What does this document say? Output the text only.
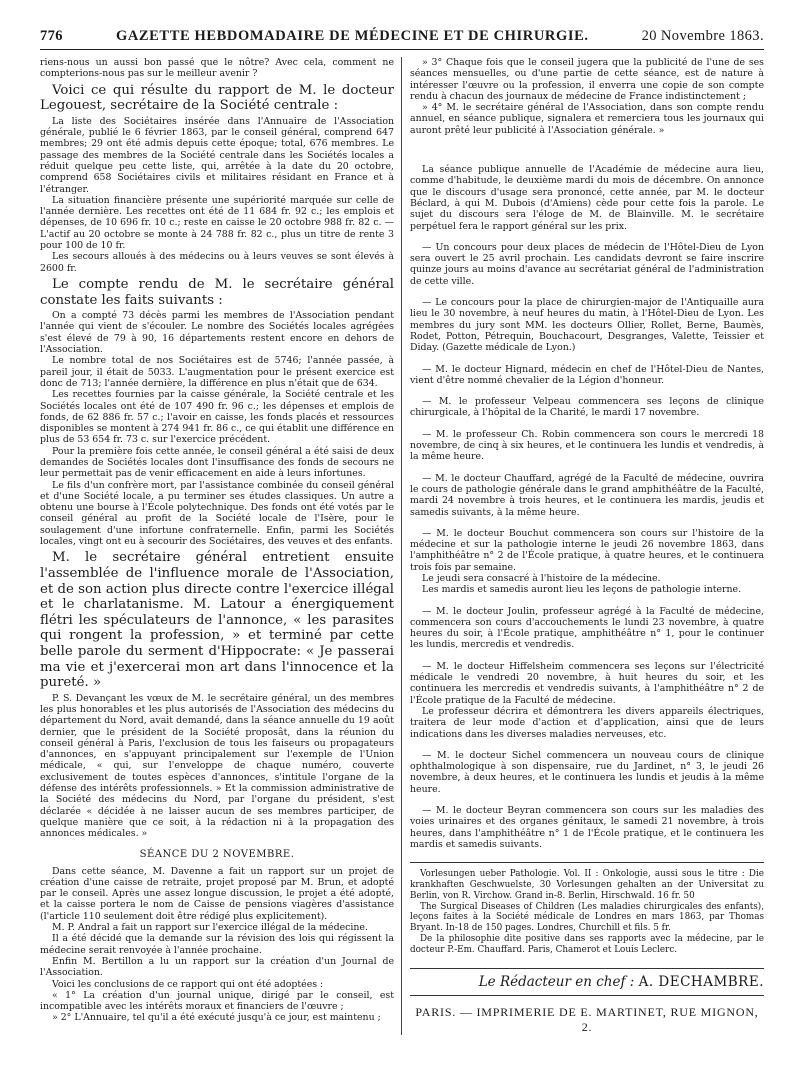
776	GAZETTE HEBDOMADAIRE DE MÉDECINE ET DE CHIRURGIE.	20 Novembre 1863.

riens-nous un aussi bon passé que le nôtre? Avec cela, comment ne compterions-nous pas sur le meilleur avenir ?

Voici ce qui résulte du rapport de M. le docteur Legouest, secrétaire de la Société centrale :

La liste des Sociétaires insérée dans l'Annuaire de l'Association générale, publié le 6 février 1863, par le conseil général, comprend 647 membres; 29 ont été admis depuis cette époque; total, 676 membres. Le passage des membres de la Société centrale dans les Sociétés locales a réduit quelque peu cette liste, qui, arrêtée à la date du 20 octobre, comprend 658 Sociétaires civils et militaires résidant en France et à l'étranger.

La situation financière présente une supériorité marquée sur celle de l'année dernière. Les recettes ont été de 11 684 fr. 92 c.; les emplois et dépenses, de 10 696 fr. 10 c.; reste en caisse le 20 octobre 988 fr. 82 c. — L'actif au 20 octobre se monte à 24 788 fr. 82 c., plus un titre de rente 3 pour 100 de 10 fr.

Les secours alloués à des médecins ou à leurs veuves se sont élevés à 2600 fr.

Le compte rendu de M. le secrétaire général constate les faits suivants :

On a compté 73 décès parmi les membres de l'Association pendant l'année qui vient de s'écouler. Le nombre des Sociétés locales agrégées s'est élevé de 79 à 90, 16 départements restent encore en dehors de l'Association.

Le nombre total de nos Sociétaires est de 5746; l'année passée, à pareil jour, il était de 5033. L'augmentation pour le présent exercice est donc de 713; l'année dernière, la différence en plus n'était que de 634.

Les recettes fournies par la caisse générale, la Société centrale et les Sociétés locales ont été de 107 490 fr. 96 c.; les dépenses et emplois de fonds, de 62 886 fr. 57 c.; l'avoir en caisse, les fonds placés et ressources disponibles se montent à 274 941 fr. 86 c., ce qui établit une différence en plus de 53 654 fr. 73 c. sur l'exercice précédent.

Pour la première fois cette année, le conseil général a été saisi de deux demandes de Sociétés locales dont l'insuffisance des fonds de secours ne leur permettait pas de venir efficacement en aide à leurs infortunes.

Le fils d'un confrère mort, par l'assistance combinée du conseil général et d'une Société locale, a pu terminer ses études classiques. Un autre a obtenu une bourse à l'École polytechnique. Des fonds ont été votés par le conseil général au profit de la Société locale de l'Isère, pour le soulagement d'une infortune confraternelle. Enfin, parmi les Sociétés locales, vingt ont eu à secourir des Sociétaires, des veuves et des enfants.

M. le secrétaire général entretient ensuite l'assemblée de l'influence morale de l'Association, et de son action plus directe contre l'exercice illégal et le charlatanisme. M. Latour a énergiquement flétri les spéculateurs de l'annonce, « les parasites qui rongent la profession, » et terminé par cette belle parole du serment d'Hippocrate: « Je passerai ma vie et j'exercerai mon art dans l'innocence et la pureté. »

P. S. Devançant les vœux de M. le secrétaire général, un des membres les plus honorables et les plus autorisés de l'Association des médecins du département du Nord, avait demandé, dans la séance annuelle du 19 août dernier, que le président de la Société proposât, dans la réunion du conseil général à Paris, l'exclusion de tous les faiseurs ou propagateurs d'annonces, en s'appuyant principalement sur l'exemple de l'Union médicale, « qui, sur l'enveloppe de chaque numéro, couverte exclusivement de toutes espèces d'annonces, s'intitule l'organe de la défense des intérêts professionnels. » Et la commission administrative de la Société des médecins du Nord, par l'organe du président, s'est déclarée « décidée à ne laisser aucun de ses membres participer, de quelque manière que ce soit, à la rédaction ni à la propagation des annonces médicales. »

SÉANCE DU 2 NOVEMBRE.

Dans cette séance, M. Davenne a fait un rapport sur un projet de création d'une caisse de retraite, projet proposé par M. Brun, et adopté par le conseil. Après une assez longue discussion, le projet a été adopté, et la caisse portera le nom de Caisse de pensions viagères d'assistance (l'article 110 seulement doit être rédigé plus explicitement).

M. P. Andral a fait un rapport sur l'exercice illégal de la médecine.

Il a été décidé que la demande sur la révision des lois qui régissent la médecine serait renvoyée à l'année prochaine.

Enfin M. Bertillon a lu un rapport sur la création d'un Journal de l'Association.

Voici les conclusions de ce rapport qui ont été adoptées :

« 1° La création d'un journal unique, dirigé par le conseil, est incompatible avec les intérêts moraux et financiers de l'œuvre ;

» 2° L'Annuaire, tel qu'il a été exécuté jusqu'à ce jour, est maintenu ;

» 3° Chaque fois que le conseil jugera que la publicité de l'une de ses séances mensuelles, ou d'une partie de cette séance, est de nature à intéresser l'œuvre ou la profession, il enverra une copie de son compte rendu à chacun des journaux de médecine de France indistinctement ;

» 4° M. le secrétaire général de l'Association, dans son compte rendu annuel, en séance publique, signalera et remerciera tous les journaux qui auront prêté leur publicité à l'Association générale. »

La séance publique annuelle de l'Académie de médecine aura lieu, comme d'habitude, le deuxième mardi du mois de décembre. On annonce que le discours d'usage sera prononcé, cette année, par M. le docteur Béclard, à qui M. Dubois (d'Amiens) cède pour cette fois la parole. Le sujet du discours sera l'éloge de M. de Blainville. M. le secrétaire perpétuel fera le rapport général sur les prix.

— Un concours pour deux places de médecin de l'Hôtel-Dieu de Lyon sera ouvert le 25 avril prochain. Les candidats devront se faire inscrire quinze jours au moins d'avance au secrétariat général de l'administration de cette ville.

— Le concours pour la place de chirurgien-major de l'Antiquaille aura lieu le 30 novembre, à neuf heures du matin, à l'Hôtel-Dieu de Lyon. Les membres du jury sont MM. les docteurs Ollier, Rollet, Berne, Baumès, Rodet, Potton, Pétrequin, Bouchacourt, Desgranges, Valette, Teissier et Diday. (Gazette médicale de Lyon.)

— M. le docteur Hignard, médecin en chef de l'Hôtel-Dieu de Nantes, vient d'être nommé chevalier de la Légion d'honneur.

— M. le professeur Velpeau commencera ses leçons de clinique chirurgicale, à l'hôpital de la Charité, le mardi 17 novembre.

— M. le professeur Ch. Robin commencera son cours le mercredi 18 novembre, de cinq à six heures, et le continuera les lundis et vendredis, à la même heure.

— M. le docteur Chauffard, agrégé de la Faculté de médecine, ouvrira le cours de pathologie générale dans le grand amphithéâtre de la Faculté, mardi 24 novembre à trois heures, et le continuera les mardis, jeudis et samedis suivants, à la même heure.

— M. le docteur Bouchut commencera son cours sur l'histoire de la médecine et sur la pathologie interne le jeudi 26 novembre 1863, dans l'amphithéâtre n° 2 de l'École pratique, à quatre heures, et le continuera trois fois par semaine.

Le jeudi sera consacré à l'histoire de la médecine.

Les mardis et samedis auront lieu les leçons de pathologie interne.

— M. le docteur Joulin, professeur agrégé à la Faculté de médecine, commencera son cours d'accouchements le lundi 23 novembre, à quatre heures du soir, à l'École pratique, amphithéâtre n° 1, pour le continuer les lundis, mercredis et vendredis.

— M. le docteur Hiffelsheim commencera ses leçons sur l'électricité médicale le vendredi 20 novembre, à huit heures du soir, et les continuera les mercredis et vendredis suivants, à l'amphithéâtre n° 2 de l'École pratique de la Faculté de médecine.

Le professeur décrira et démontrera les divers appareils électriques, traitera de leur mode d'action et d'application, ainsi que de leurs indications dans les diverses maladies nerveuses, etc.

— M. le docteur Sichel commencera un nouveau cours de clinique ophthalmologique à son dispensaire, rue du Jardinet, n° 3, le jeudi 26 novembre, à deux heures, et le continuera les lundis et jeudis à la même heure.

— M. le docteur Beyran commencera son cours sur les maladies des voies urinaires et des organes génitaux, le samedi 21 novembre, à trois heures, dans l'amphithéâtre n° 1 de l'École pratique, et le continuera les mardis et samedis suivants.

Vorlesungen ueber Pathologie. Vol. II : Onkologie, aussi sous le titre : Die krankhaften Geschwuelste, 30 Vorlesungen gehalten an der Universitat zu Berlin, von R. Virchow. Grand in-8. Berlin, Hirschwald. 16 fr. 50

The Surgical Diseases of Children (Les maladies chirurgicales des enfants), leçons faites à la Société médicale de Londres en mars 1863, par Thomas Bryant. In-18 de 150 pages. Londres, Churchill et fils. 5 fr.

De la philosophie dite positive dans ses rapports avec la médecine, par le docteur P.-Em. Chauffard. Paris, Chamerot et Louis Leclerc.

Le Rédacteur en chef : A. DECHAMBRE.
PARIS. — IMPRIMERIE DE E. MARTINET, RUE MIGNON, 2.
